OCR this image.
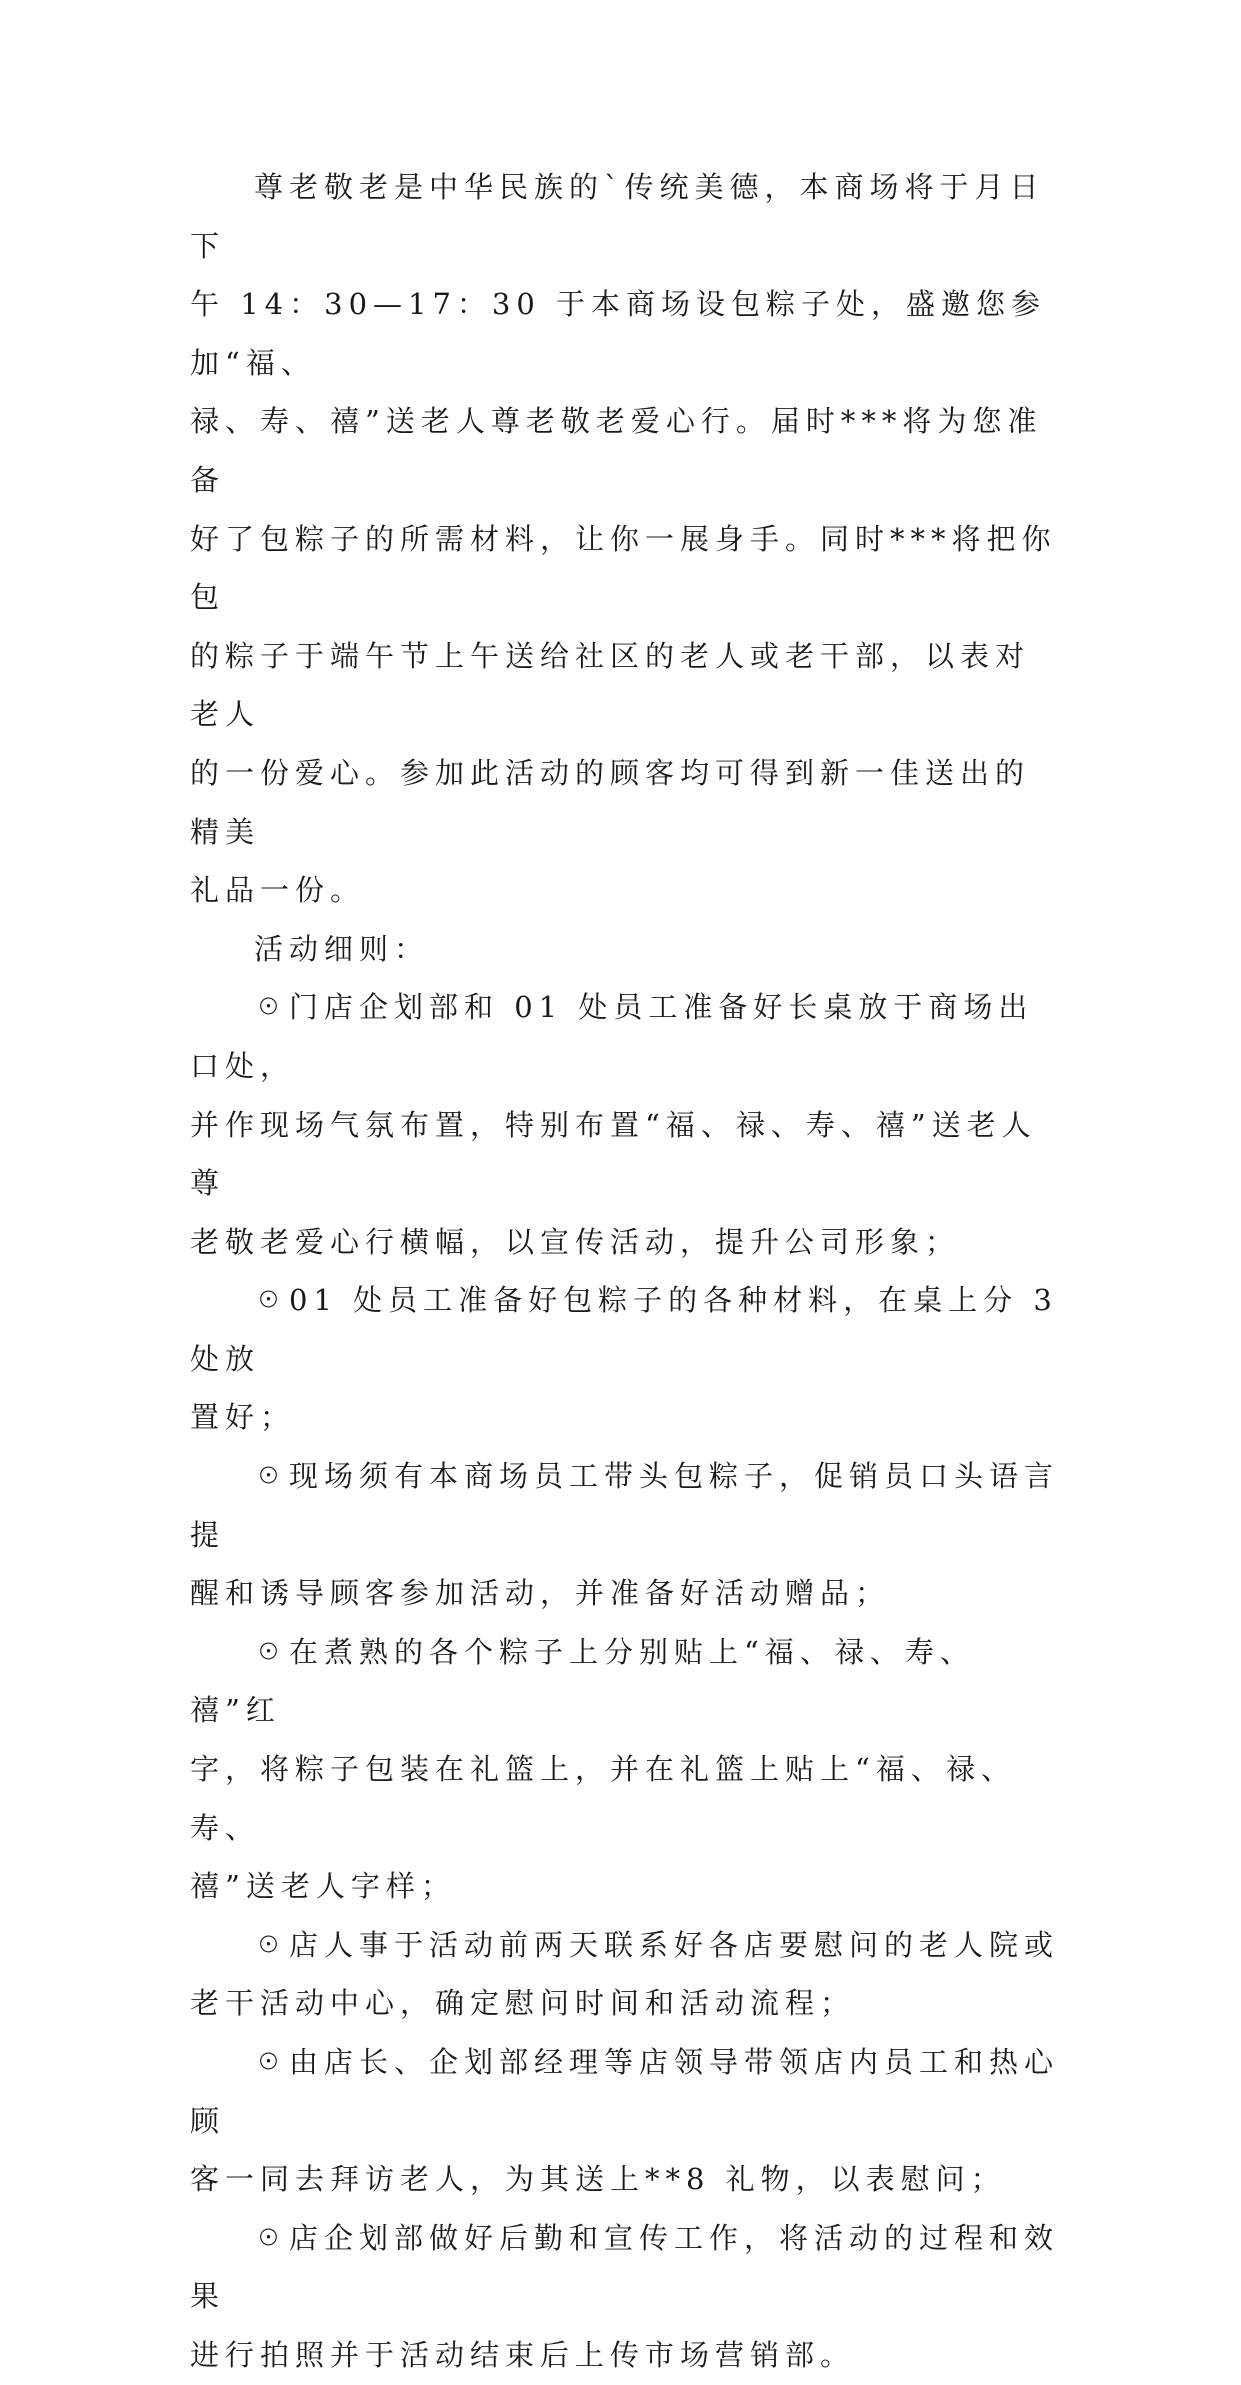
尊老敬老是中华民族的`传统美德，本商场将于月日下
午 14：30—17：30 于本商场设包粽子处，盛邀您参加“福、
禄、寿、禧”送老人尊老敬老爱心行。届时***将为您准备
好了包粽子的所需材料，让你一展身手。同时***将把你包
的粽子于端午节上午送给社区的老人或老干部，以表对老人
的一份爱心。参加此活动的顾客均可得到新一佳送出的精美
礼品一份。

活动细则：

☉门店企划部和 01 处员工准备好长桌放于商场出口处，
并作现场气氛布置，特别布置“福、禄、寿、禧”送老人尊
老敬老爱心行横幅，以宣传活动，提升公司形象；

☉01 处员工准备好包粽子的各种材料，在桌上分 3 处放
置好；

☉现场须有本商场员工带头包粽子，促销员口头语言提
醒和诱导顾客参加活动，并准备好活动赠品；

☉在煮熟的各个粽子上分别贴上“福、禄、寿、禧”红
字，将粽子包装在礼篮上，并在礼篮上贴上“福、禄、寿、
禧”送老人字样；

☉店人事于活动前两天联系好各店要慰问的老人院或
老干活动中心，确定慰问时间和活动流程；

☉由店长、企划部经理等店领导带领店内员工和热心顾
客一同去拜访老人，为其送上**8 礼物，以表慰问；

☉店企划部做好后勤和宣传工作，将活动的过程和效果
进行拍照并于活动结束后上传市场营销部。
